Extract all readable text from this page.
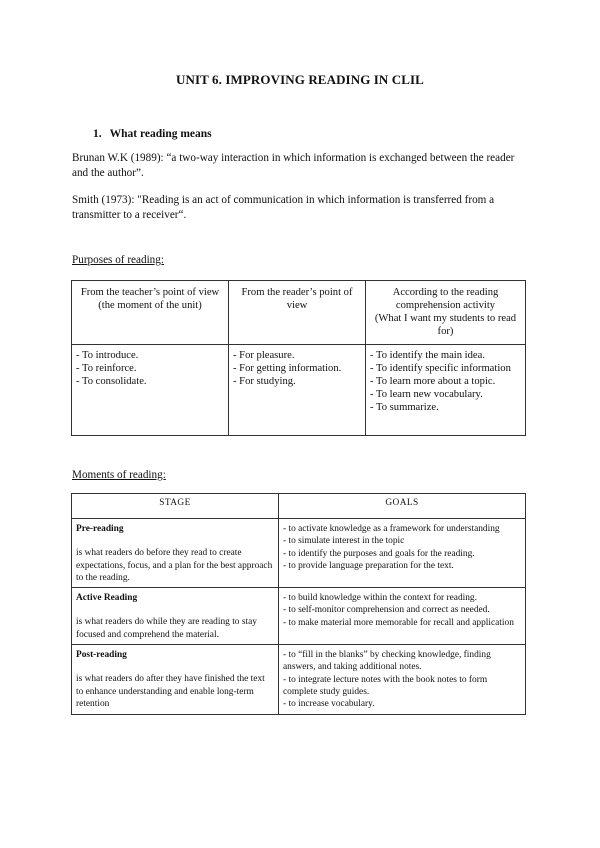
UNIT 6. IMPROVING READING IN CLIL
1. What reading means
Brunan W.K (1989): “a two-way interaction in which information is exchanged between the reader and the author”.
Smith (1973): "Reading is an act of communication in which information is transferred from a transmitter to a receiver“.
Purposes of reading:
From the teacher’s point of view
(the moment of the unit)	From the reader’s point of view	According to the reading comprehension activity
(What I want my students to read for)

- To introduce.
- To reinforce.
- To consolidate.	- For pleasure.
- For getting information.
- For studying.	- To identify the main idea.
- To identify specific information
- To learn more about a topic.
- To learn new vocabulary.
- To summarize.
Moments of reading:
STAGE	GOALS

Pre-reading
is what readers do before they read to create expectations, focus, and a plan for the best approach to the reading.	- to activate knowledge as a framework for understanding
- to simulate interest in the topic
- to identify the purposes and goals for the reading.
- to provide language preparation for the text.

Active Reading
is what readers do while they are reading to stay focused and comprehend the material.	- to build knowledge within the context for reading.
- to self-monitor comprehension and correct as needed.
- to make material more memorable for recall and application

Post-reading
is what readers do after they have finished the text to enhance understanding and enable long-term retention	- to “fill in the blanks” by checking knowledge, finding answers, and taking additional notes.
- to integrate lecture notes with the book notes to form complete study guides.
- to increase vocabulary.
